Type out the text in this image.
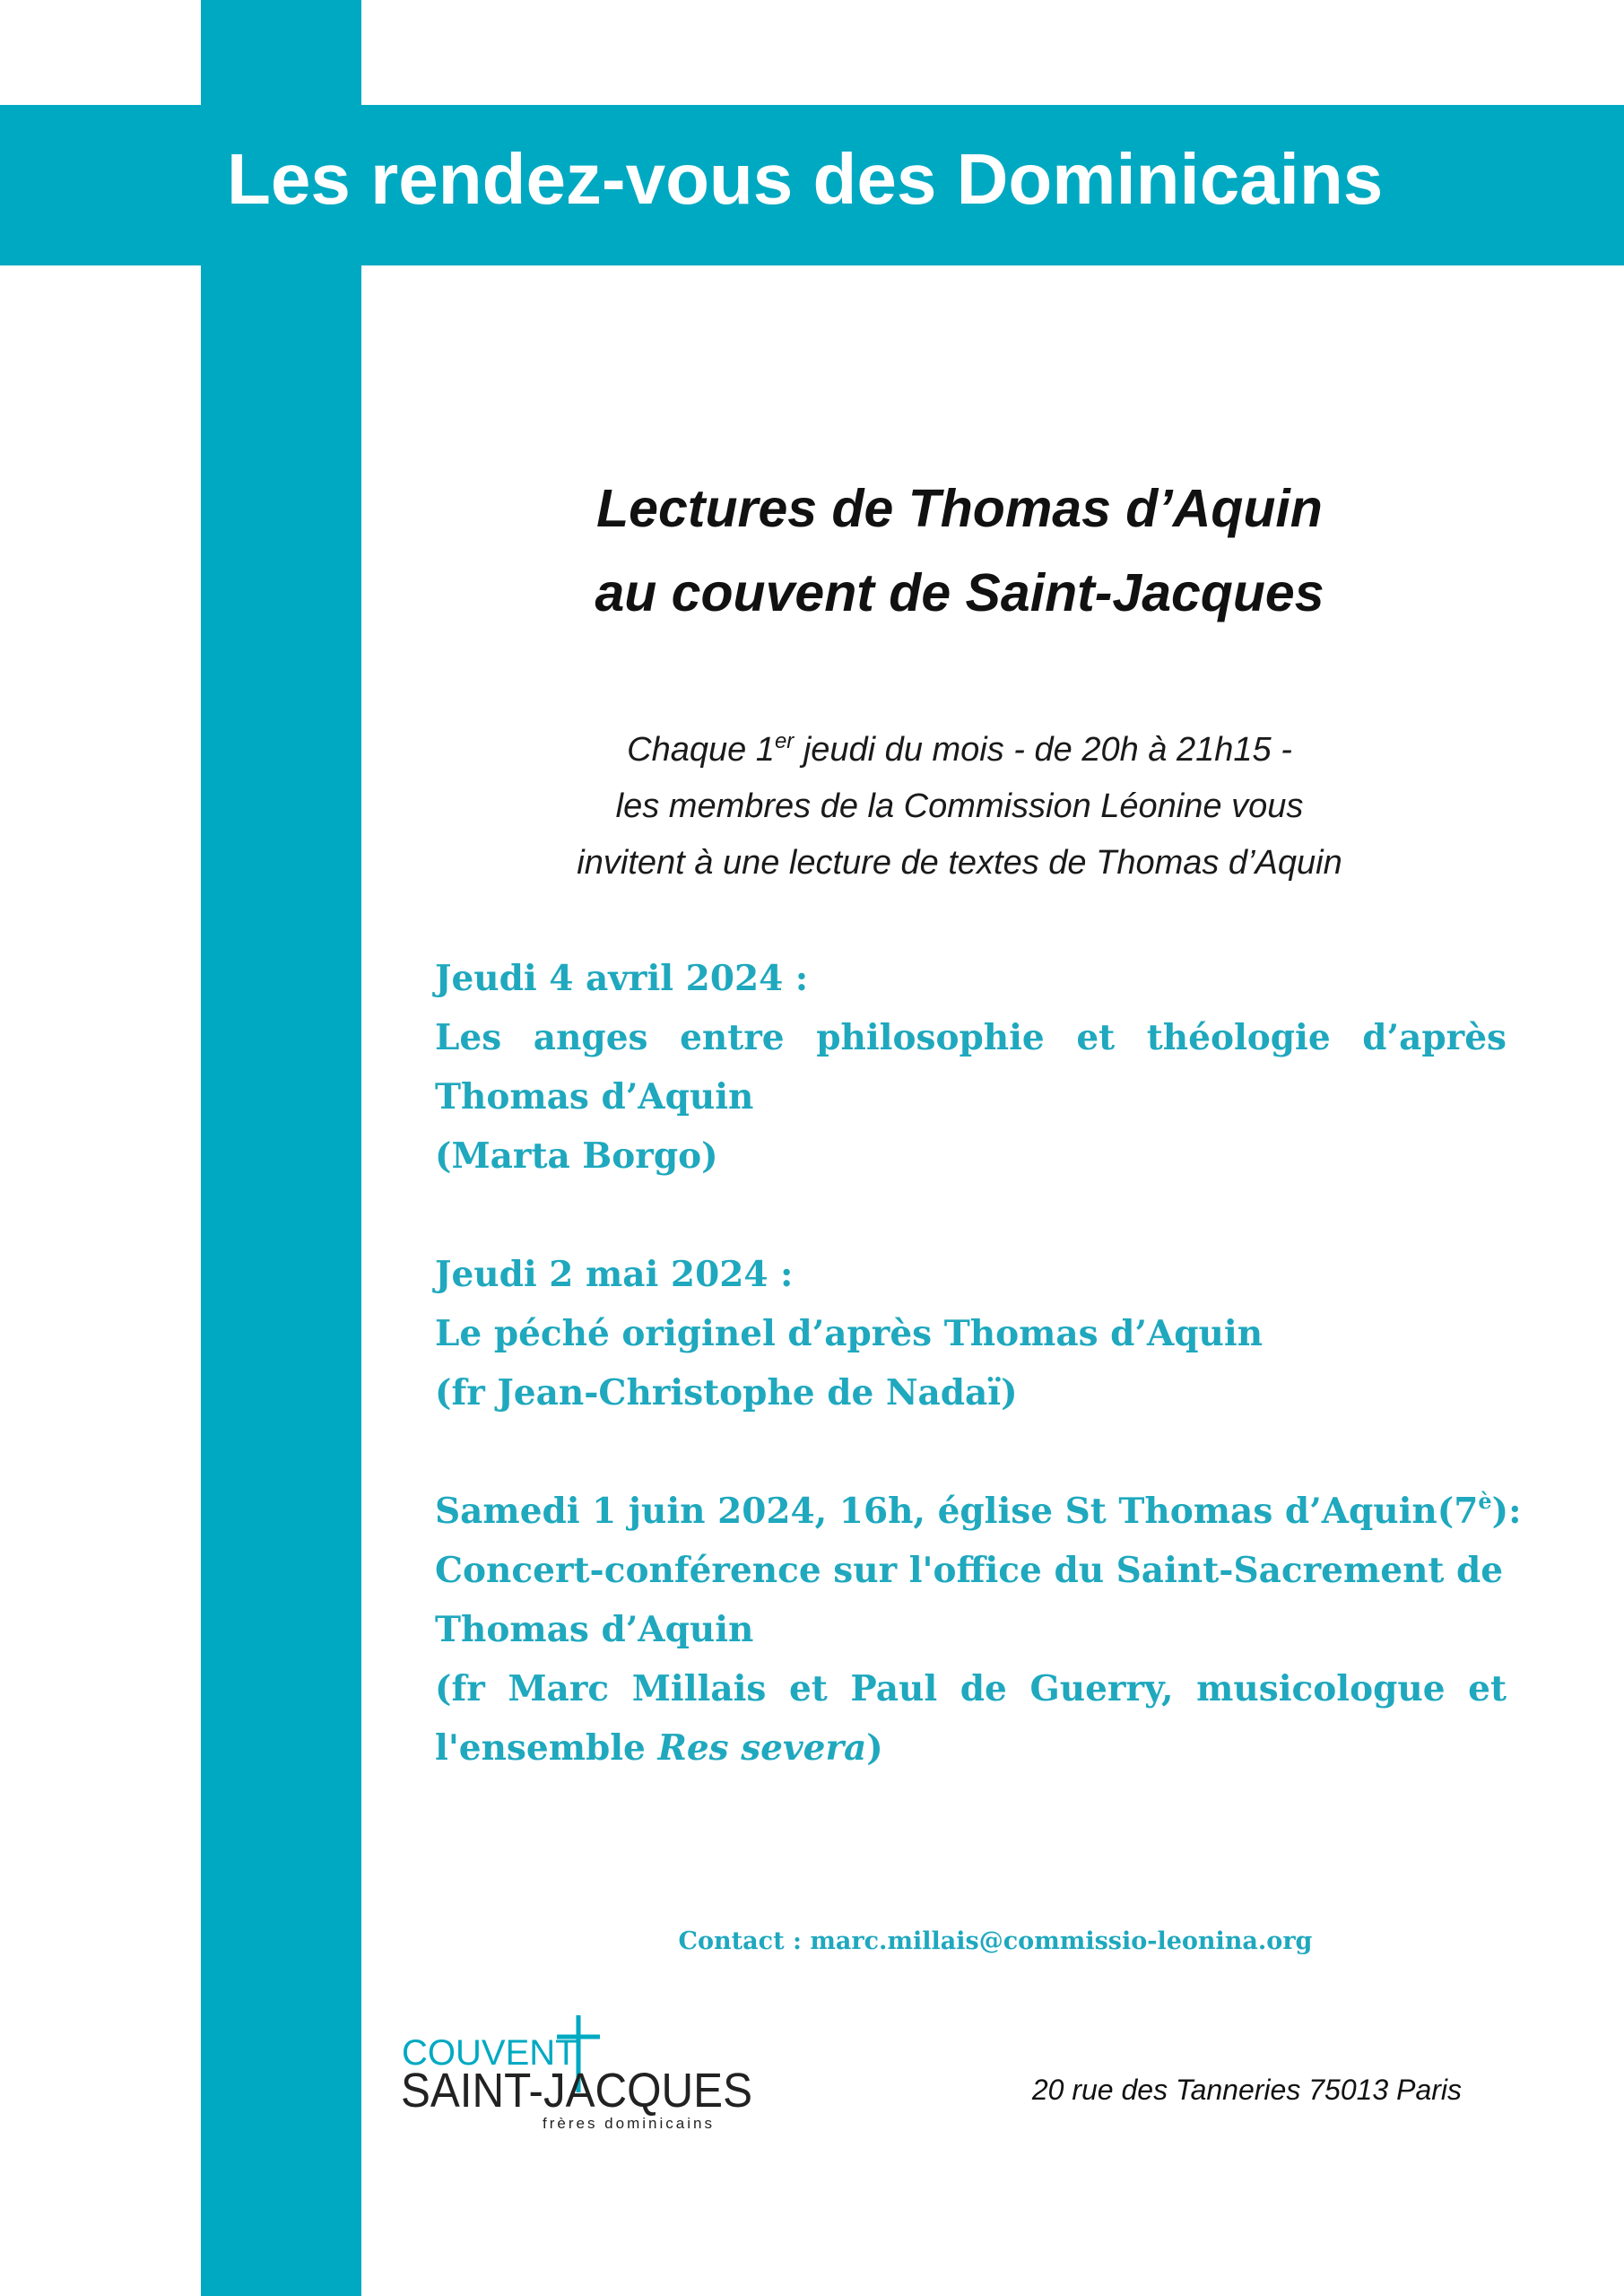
Les rendez-vous des Dominicains
Lectures de Thomas d’Aquin
au couvent de Saint-Jacques
Chaque 1er jeudi du mois - de 20h à 21h15 -
les membres de la Commission Léonine vous
invitent à une lecture de textes de Thomas d’Aquin
Jeudi 4 avril 2024 :
Les anges entre philosophie et théologie d’après
Thomas d’Aquin
(Marta Borgo)
Jeudi 2 mai 2024 :
Le péché originel d’après Thomas d’Aquin
(fr Jean-Christophe de Nadaï)
Samedi 1 juin 2024, 16h, église St Thomas $d’Aquin(7^è)$:
Concert-conférence sur l'office du Saint-Sacrement de
Thomas d’Aquin
(fr Marc Millais et Paul de Guerry, musicologue et
l'ensemble Res severa)
Contact : marc.millais@commissio-leonina.org
COUVENT
SAINT-JACQUES
frères dominicains
20 rue des Tanneries 75013 Paris
